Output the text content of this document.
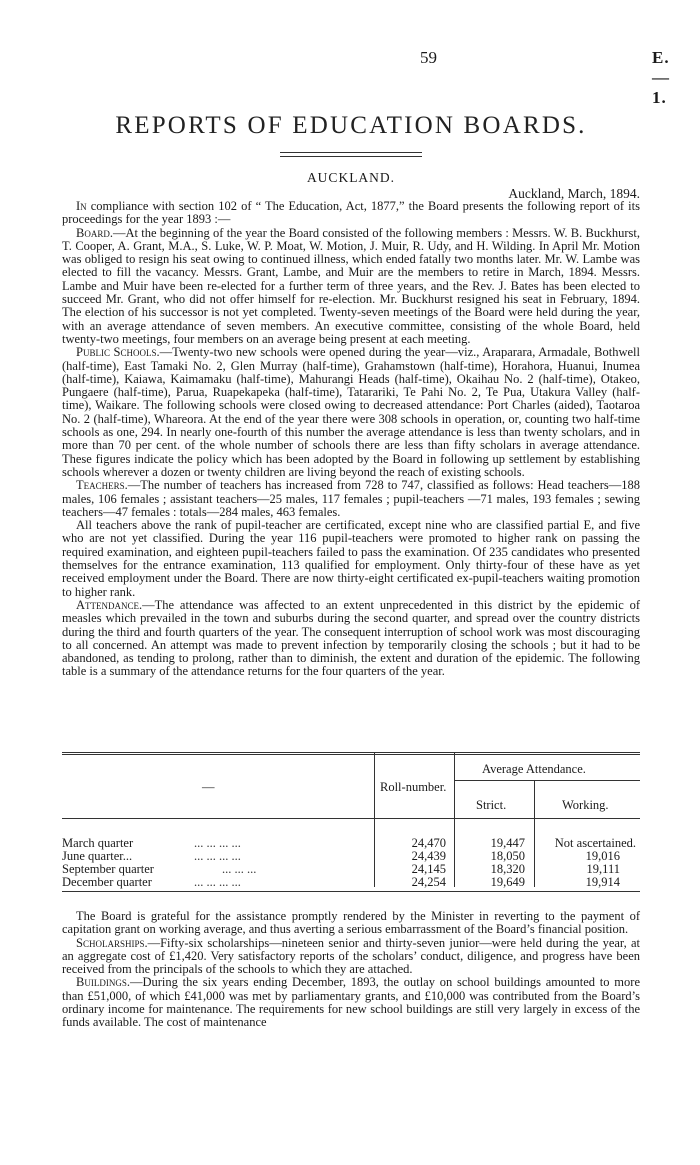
59	E.—1.
REPORTS OF EDUCATION BOARDS.
AUCKLAND.
Auckland, March, 1894.

In compliance with section 102 of “ The Education, Act, 1877,” the Board presents the following report of its proceedings for the year 1893 :—

Board.—At the beginning of the year the Board consisted of the following members : Messrs. W. B. Buckhurst, T. Cooper, A. Grant, M.A., S. Luke, W. P. Moat, W. Motion, J. Muir, R. Udy, and H. Wilding. In April Mr. Motion was obliged to resign his seat owing to continued illness, which ended fatally two months later. Mr. W. Lambe was elected to fill the vacancy. Messrs. Grant, Lambe, and Muir are the members to retire in March, 1894. Messrs. Lambe and Muir have been re-elected for a further term of three years, and the Rev. J. Bates has been elected to succeed Mr. Grant, who did not offer himself for re-election. Mr. Buckhurst resigned his seat in February, 1894. The election of his successor is not yet completed. Twenty-seven meetings of the Board were held during the year, with an average attendance of seven members. An executive committee, consisting of the whole Board, held twenty-two meetings, four members on an average being present at each meeting.

Public Schools.—Twenty-two new schools were opened during the year—viz., Araparara, Armadale, Bothwell (half-time), East Tamaki No. 2, Glen Murray (half-time), Grahamstown (half-time), Horahora, Huanui, Inumea (half-time), Kaiawa, Kaimamaku (half-time), Mahurangi Heads (half-time), Okaihau No. 2 (half-time), Otakeo, Pungaere (half-time), Parua, Ruapekapeka (half-time), Tatarariki, Te Pahi No. 2, Te Pua, Utakura Valley (half-time), Waikare. The following schools were closed owing to decreased attendance: Port Charles (aided), Taotaroa No. 2 (half-time), Whareora. At the end of the year there were 308 schools in operation, or, counting two half-time schools as one, 294. In nearly one-fourth of this number the average attendance is less than twenty scholars, and in more than 70 per cent. of the whole number of schools there are less than fifty scholars in average attendance. These figures indicate the policy which has been adopted by the Board in following up settlement by establishing schools wherever a dozen or twenty children are living beyond the reach of existing schools.

Teachers.—The number of teachers has increased from 728 to 747, classified as follows: Head teachers—188 males, 106 females ; assistant teachers—25 males, 117 females ; pupil-teachers —71 males, 193 females ; sewing teachers—47 females : totals—284 males, 463 females.

All teachers above the rank of pupil-teacher are certificated, except nine who are classified partial E, and five who are not yet classified. During the year 116 pupil-teachers were promoted to higher rank on passing the required examination, and eighteen pupil-teachers failed to pass the examination. Of 235 candidates who presented themselves for the entrance examination, 113 qualified for employment. Only thirty-four of these have as yet received employment under the Board. There are now thirty-eight certificated ex-pupil-teachers waiting promotion to higher rank.

Attendance.—The attendance was affected to an extent unprecedented in this district by the epidemic of measles which prevailed in the town and suburbs during the second quarter, and spread over the country districts during the third and fourth quarters of the year. The consequent interruption of school work was most discouraging to all concerned. An attempt was made to prevent infection by temporarily closing the schools ; but it had to be abandoned, as tending to prolong, rather than to diminish, the extent and duration of the epidemic. The following table is a summary of the attendance returns for the four quarters of the year.

—	Roll-number.
Average Attendance.
Strict.	Working.
March quarter	... ... ... ...	24,470	19,447	Not ascertained.
June quarter...	... ... ... ...	24,439	18,050	19,016
September quarter	... ... ...	24,145	18,320	19,111
December quarter	... ... ... ...	24,254	19,649	19,914

The Board is grateful for the assistance promptly rendered by the Minister in reverting to the payment of capitation grant on working average, and thus averting a serious embarrassment of the Board’s financial position.

Scholarships.—Fifty-six scholarships—nineteen senior and thirty-seven junior—were held during the year, at an aggregate cost of £1,420. Very satisfactory reports of the scholars’ conduct, diligence, and progress have been received from the principals of the schools to which they are attached.

Buildings.—During the six years ending December, 1893, the outlay on school buildings amounted to more than £51,000, of which £41,000 was met by parliamentary grants, and £10,000 was contributed from the Board’s ordinary income for maintenance. The requirements for new school buildings are still very largely in excess of the funds available. The cost of maintenance
